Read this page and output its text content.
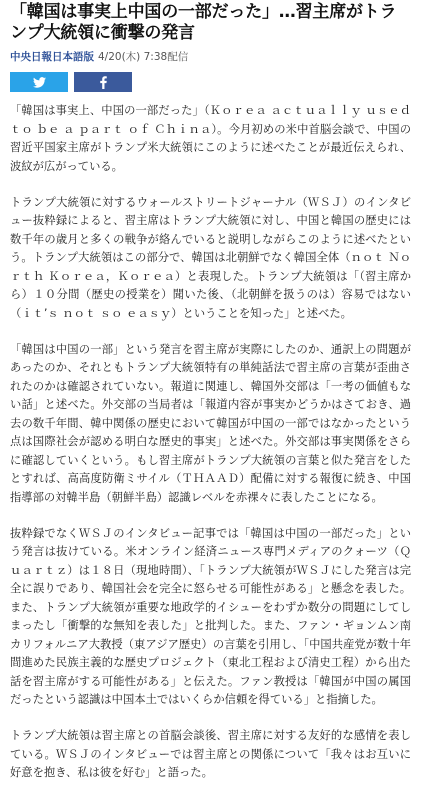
「韓国は事実上中国の一部だった」…習主席がトランプ大統領に衝撃の発言
中央日報日本語版 4/20(木) 7:38配信

「韓国は事実上、中国の一部だった」（Ｋｏｒｅａ ａｃｔｕａｌｌｙ ｕｓｅｄ ｔｏ ｂｅ ａ ｐａｒｔ ｏｆ Ｃｈｉｎａ）。今月初めの米中首脳会談で、中国の習近平国家主席がトランプ米大統領にこのように述べたことが最近伝えられ、波紋が広がっている。

トランプ大統領に対するウォールストリートジャーナル（ＷＳＪ）のインタビュー抜粋録によると、習主席はトランプ大統領に対し、中国と韓国の歴史には数千年の歳月と多くの戦争が絡んでいると説明しながらこのように述べたという。トランプ大統領はこの部分で、韓国は北朝鮮でなく韓国全体（ｎｏｔ Ｎｏｒｔｈ Ｋｏｒｅａ，Ｋｏｒｅａ）と表現した。トランプ大統領は「（習主席から）１０分間（歴史の授業を）聞いた後、（北朝鮮を扱うのは）容易ではない（ｉｔ’ｓ ｎｏｔ ｓｏ ｅａｓｙ）ということを知った」と述べた。

「韓国は中国の一部」という発言を習主席が実際にしたのか、通訳上の問題があったのか、それともトランプ大統領特有の単純話法で習主席の言葉が歪曲されたのかは確認されていない。報道に関連し、韓国外交部は「一考の価値もない話」と述べた。外交部の当局者は「報道内容が事実かどうかはさておき、過去の数千年間、韓中関係の歴史において韓国が中国の一部ではなかったという点は国際社会が認める明白な歴史的事実」と述べた。外交部は事実関係をさらに確認していくという。もし習主席がトランプ大統領の言葉と似た発言をしたとすれば、高高度防衛ミサイル（ＴＨＡＡＤ）配備に対する報復に続き、中国指導部の対韓半島（朝鮮半島）認識レベルを赤裸々に表したことになる。

抜粋録でなくＷＳＪのインタビュー記事では「韓国は中国の一部だった」という発言は抜けている。米オンライン経済ニュース専門メディアのクォーツ（Ｑｕａｒｔｚ）は１８日（現地時間）、「トランプ大統領がＷＳＪにした発言は完全に誤りであり、韓国社会を完全に怒らせる可能性がある」と懸念を表した。また、トランプ大統領が重要な地政学的イシューをわずか数分の問題にしてしまったし「衝撃的な無知を表した」と批判した。また、ファン・ギョンムン南カリフォルニア大教授（東アジア歴史）の言葉を引用し、「中国共産党が数十年間進めた民族主義的な歴史プロジェクト（東北工程および清史工程）から出た話を習主席がする可能性がある」と伝えた。ファン教授は「韓国が中国の属国だったという認識は中国本土ではいくらか信頼を得ている」と指摘した。

トランプ大統領は習主席との首脳会談後、習主席に対する友好的な感情を表している。ＷＳＪのインタビューでは習主席との関係について「我々はお互いに好意を抱き、私は彼を好む」と語った。
